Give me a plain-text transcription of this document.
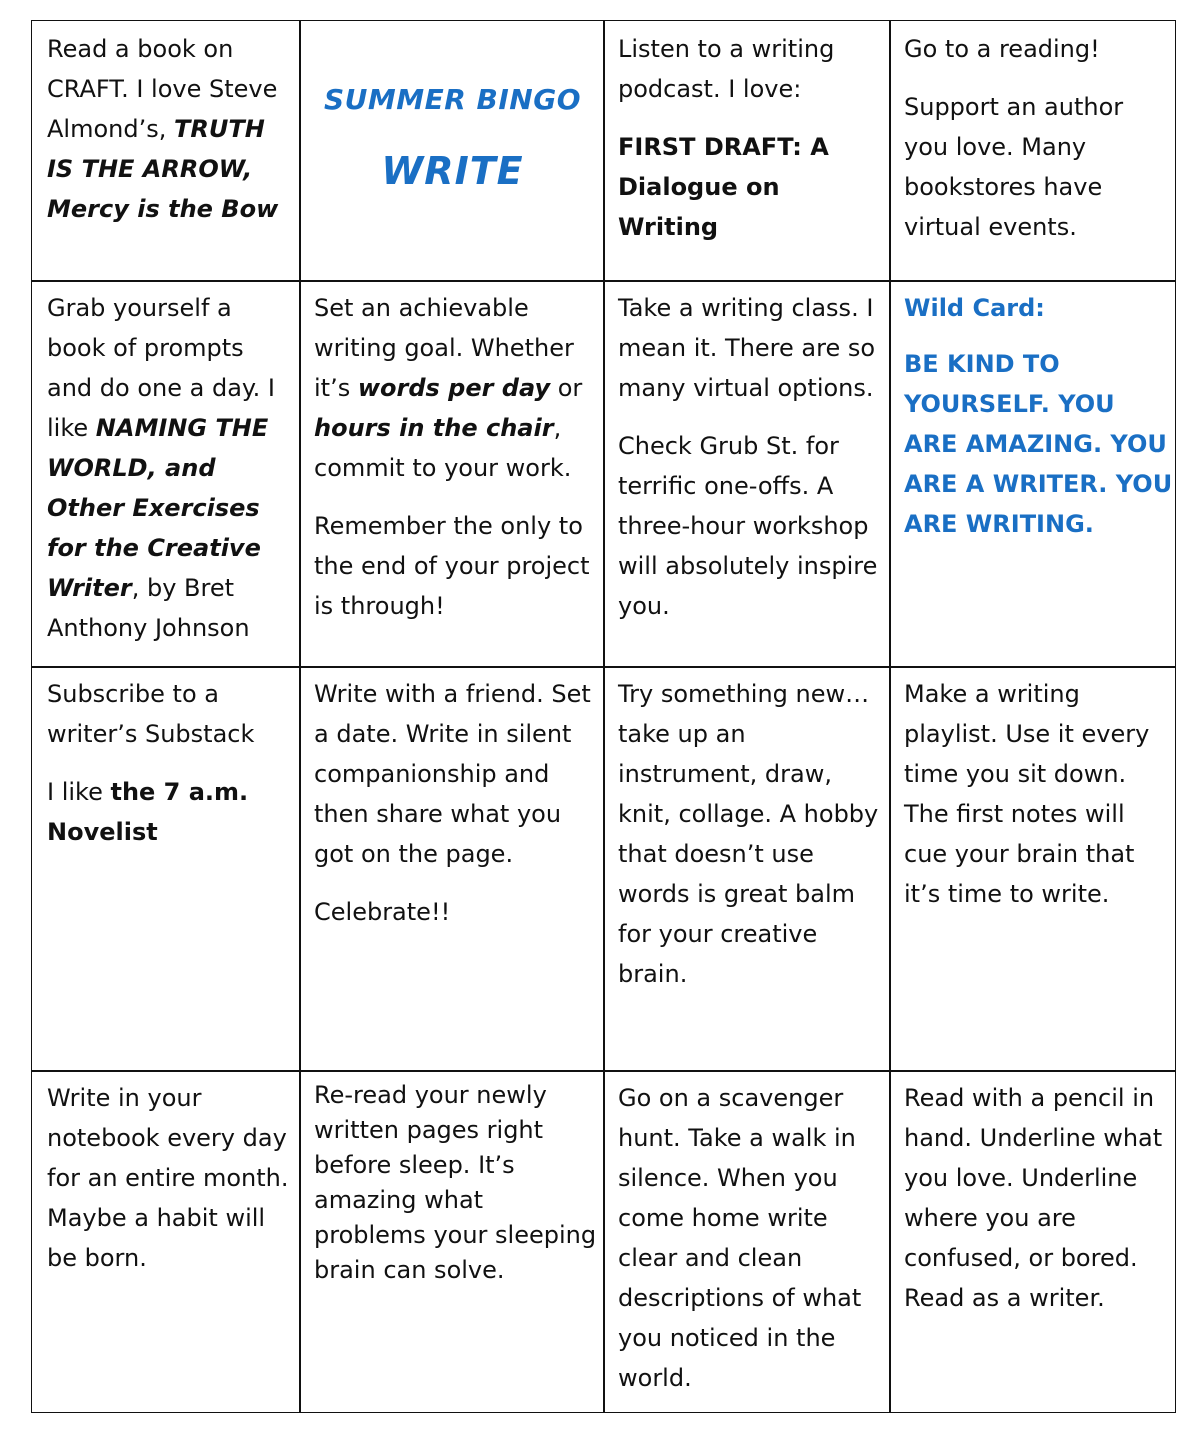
Read a book on CRAFT. I love Steve Almond’s, TRUTH IS THE ARROW, Mercy is the Bow

SUMMER BINGO
WRITE

Listen to a writing podcast. I love:

FIRST DRAFT: A Dialogue on Writing

Go to a reading!

Support an author you love. Many bookstores have virtual events.

Grab yourself a book of prompts and do one a day. I like NAMING THE WORLD, and Other Exercises for the Creative Writer, by Bret Anthony Johnson

Set an achievable writing goal. Whether it’s words per day or hours in the chair, commit to your work.

Remember the only to the end of your project is through!

Take a writing class. I mean it. There are so many virtual options.

Check Grub St. for terrific one-offs. A three-hour workshop will absolutely inspire you.

Wild Card:

BE KIND TO YOURSELF. YOU ARE AMAZING. YOU ARE A WRITER. YOU ARE WRITING.

Subscribe to a writer’s Substack

I like the 7 a.m. Novelist

Write with a friend. Set a date. Write in silent companionship and then share what you got on the page.

Celebrate!!

Try something new… take up an instrument, draw, knit, collage. A hobby that doesn’t use words is great balm for your creative brain.

Make a writing playlist. Use it every time you sit down. The first notes will cue your brain that it’s time to write.

Write in your notebook every day for an entire month. Maybe a habit will be born.

Re-read your newly written pages right before sleep. It’s amazing what problems your sleeping brain can solve.

Go on a scavenger hunt. Take a walk in silence. When you come home write clear and clean descriptions of what you noticed in the world.

Read with a pencil in hand. Underline what you love. Underline where you are confused, or bored. Read as a writer.
